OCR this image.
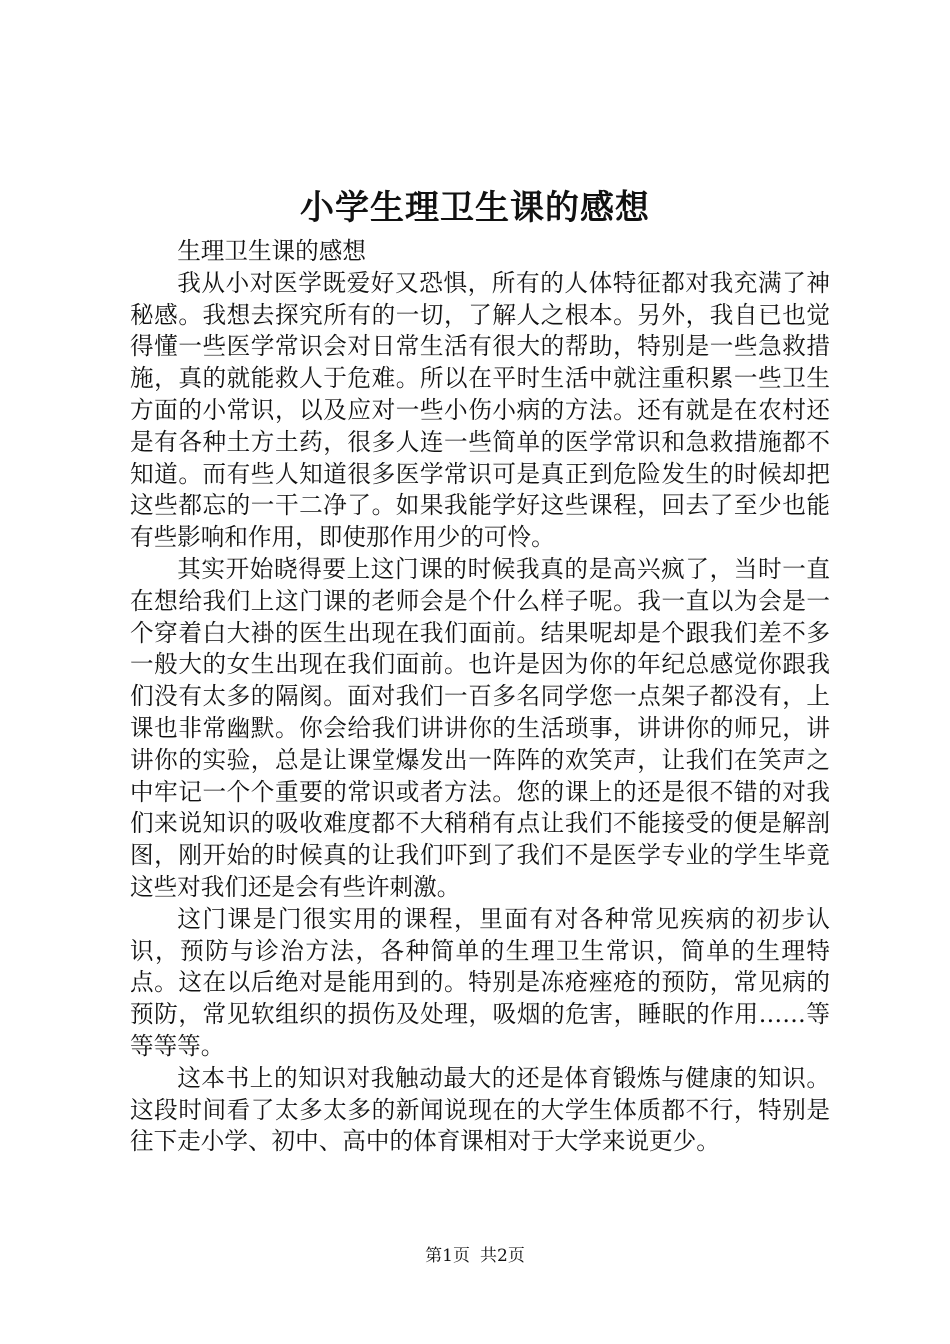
小学生理卫生课的感想

生理卫生课的感想

我从小对医学既爱好又恐惧，所有的人体特征都对我充满了神秘感。我想去探究所有的一切，了解人之根本。另外，我自已也觉得懂一些医学常识会对日常生活有很大的帮助，特别是一些急救措施，真的就能救人于危难。所以在平时生活中就注重积累一些卫生方面的小常识，以及应对一些小伤小病的方法。还有就是在农村还是有各种土方土药，很多人连一些简单的医学常识和急救措施都不知道。而有些人知道很多医学常识可是真正到危险发生的时候却把这些都忘的一干二净了。如果我能学好这些课程，回去了至少也能有些影响和作用，即使那作用少的可怜。

其实开始晓得要上这门课的时候我真的是高兴疯了，当时一直在想给我们上这门课的老师会是个什么样子呢。我一直以为会是一个穿着白大褂的医生出现在我们面前。结果呢却是个跟我们差不多一般大的女生出现在我们面前。也许是因为你的年纪总感觉你跟我们没有太多的隔阂。面对我们一百多名同学您一点架子都没有，上课也非常幽默。你会给我们讲讲你的生活琐事，讲讲你的师兄，讲讲你的实验，总是让课堂爆发出一阵阵的欢笑声，让我们在笑声之中牢记一个个重要的常识或者方法。您的课上的还是很不错的对我们来说知识的吸收难度都不大稍稍有点让我们不能接受的便是解剖图，刚开始的时候真的让我们吓到了我们不是医学专业的学生毕竟这些对我们还是会有些许刺激。

这门课是门很实用的课程，里面有对各种常见疾病的初步认识，预防与诊治方法，各种简单的生理卫生常识，简单的生理特点。这在以后绝对是能用到的。特别是冻疮痤疮的预防，常见病的预防，常见软组织的损伤及处理，吸烟的危害，睡眠的作用……等等等等。

这本书上的知识对我触动最大的还是体育锻炼与健康的知识。这段时间看了太多太多的新闻说现在的大学生体质都不行，特别是往下走小学、初中、高中的体育课相对于大学来说更少。

第1页 共2页
